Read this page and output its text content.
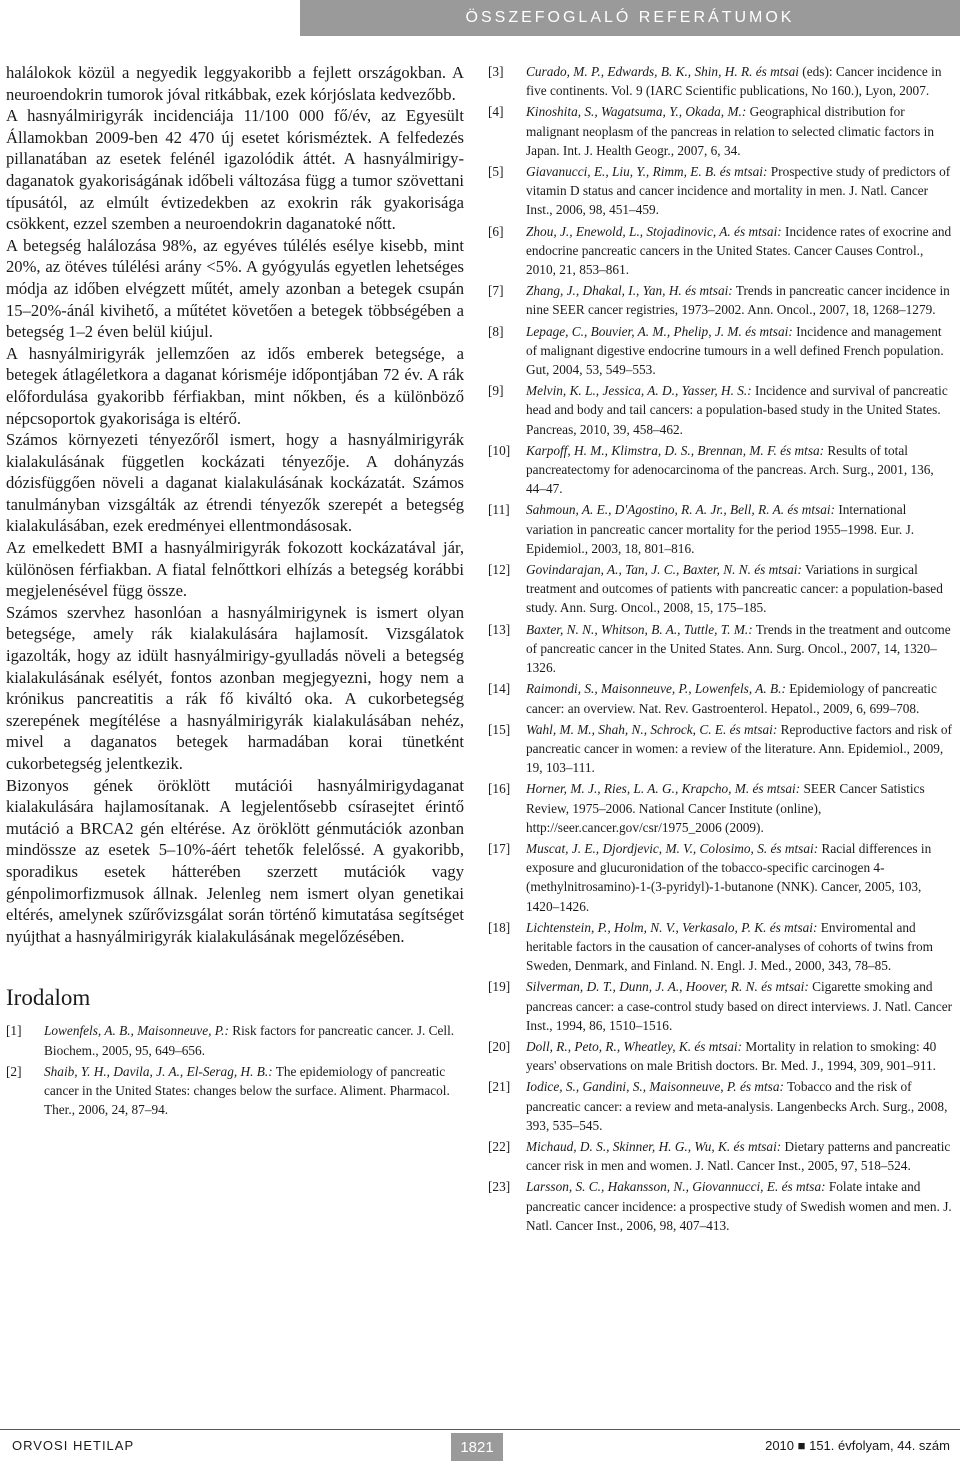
ÖSSZEFOGLALÓ REFERÁTUMOK

halálokok közül a negyedik leggyakoribb a fejlett országokban. A neuroendokrin tumorok jóval ritkábbak, ezek kórjóslata kedvezőbb.

A hasnyálmirigyrák incidenciája 11/100 000 fő/év, az Egyesült Államokban 2009-ben 42 470 új esetet kórisméztek. A felfedezés pillanatában az esetek felénél igazolódik áttét. A hasnyálmirigy-daganatok gyakoriságának időbeli változása függ a tumor szövettani típusától, az elmúlt évtizedekben az exokrin rák gyakorisága csökkent, ezzel szemben a neuroendokrin daganatoké nőtt.

A betegség halálozása 98%, az egyéves túlélés esélye kisebb, mint 20%, az ötéves túlélési arány <5%. A gyógyulás egyetlen lehetséges módja az időben elvégzett műtét, amely azonban a betegek csupán 15–20%-ánál kivihető, a műtétet követően a betegek többségében a betegség 1–2 éven belül kiújul.

A hasnyálmirigyrák jellemzően az idős emberek betegsége, a betegek átlagéletkora a daganat kórisméje időpontjában 72 év. A rák előfordulása gyakoribb férfiakban, mint nőkben, és a különböző népcsoportok gyakorisága is eltérő.

Számos környezeti tényezőről ismert, hogy a hasnyálmirigyrák kialakulásának független kockázati tényezője. A dohányzás dózisfüggően növeli a daganat kialakulásának kockázatát. Számos tanulmányban vizsgálták az étrendi tényezők szerepét a betegség kialakulásában, ezek eredményei ellentmondásosak.

Az emelkedett BMI a hasnyálmirigyrák fokozott kockázatával jár, különösen férfiakban. A fiatal felnőttkori elhízás a betegség korábbi megjelenésével függ össze.

Számos szervhez hasonlóan a hasnyálmirigynek is ismert olyan betegsége, amely rák kialakulására hajlamosít. Vizsgálatok igazolták, hogy az idült hasnyálmirigy-gyulladás növeli a betegség kialakulásának esélyét, fontos azonban megjegyezni, hogy nem a krónikus pancreatitis a rák fő kiváltó oka. A cukorbetegség szerepének megítélése a hasnyálmirigyrák kialakulásában nehéz, mivel a daganatos betegek harmadában korai tünetként cukorbetegség jelentkezik.

Bizonyos gének öröklött mutációi hasnyálmirigydaganat kialakulására hajlamosítanak. A legjelentősebb csírasejtet érintő mutáció a BRCA2 gén eltérése. Az öröklött génmutációk azonban mindössze az esetek 5–10%-áért tehetők felelőssé. A gyakoribb, sporadikus esetek hátterében szerzett mutációk vagy génpolimorfizmusok állnak. Jelenleg nem ismert olyan genetikai eltérés, amelynek szűrővizsgálat során történő kimutatása segítséget nyújthat a hasnyálmirigyrák kialakulásának megelőzésében.

Irodalom
[1]	Lowenfels, A. B., Maisonneuve, P.: Risk factors for pancreatic cancer. J. Cell. Biochem., 2005, 95, 649–656.
[2]	Shaib, Y. H., Davila, J. A., El-Serag, H. B.: The epidemiology of pancreatic cancer in the United States: changes below the surface. Aliment. Pharmacol. Ther., 2006, 24, 87–94.
[3]	Curado, M. P., Edwards, B. K., Shin, H. R. és mtsai (eds): Cancer incidence in five continents. Vol. 9 (IARC Scientific publications, No 160.), Lyon, 2007.
[4]	Kinoshita, S., Wagatsuma, Y., Okada, M.: Geographical distribution for malignant neoplasm of the pancreas in relation to selected climatic factors in Japan. Int. J. Health Geogr., 2007, 6, 34.
[5]	Giavanucci, E., Liu, Y., Rimm, E. B. és mtsai: Prospective study of predictors of vitamin D status and cancer incidence and mortality in men. J. Natl. Cancer Inst., 2006, 98, 451–459.
[6]	Zhou, J., Enewold, L., Stojadinovic, A. és mtsai: Incidence rates of exocrine and endocrine pancreatic cancers in the United States. Cancer Causes Control., 2010, 21, 853–861.
[7]	Zhang, J., Dhakal, I., Yan, H. és mtsai: Trends in pancreatic cancer incidence in nine SEER cancer registries, 1973–2002. Ann. Oncol., 2007, 18, 1268–1279.
[8]	Lepage, C., Bouvier, A. M., Phelip, J. M. és mtsai: Incidence and management of malignant digestive endocrine tumours in a well defined French population. Gut, 2004, 53, 549–553.
[9]	Melvin, K. L., Jessica, A. D., Yasser, H. S.: Incidence and survival of pancreatic head and body and tail cancers: a population-based study in the United States. Pancreas, 2010, 39, 458–462.
[10]	Karpoff, H. M., Klimstra, D. S., Brennan, M. F. és mtsa: Results of total pancreatectomy for adenocarcinoma of the pancreas. Arch. Surg., 2001, 136, 44–47.
[11]	Sahmoun, A. E., D'Agostino, R. A. Jr., Bell, R. A. és mtsai: International variation in pancreatic cancer mortality for the period 1955–1998. Eur. J. Epidemiol., 2003, 18, 801–816.
[12]	Govindarajan, A., Tan, J. C., Baxter, N. N. és mtsai: Variations in surgical treatment and outcomes of patients with pancreatic cancer: a population-based study. Ann. Surg. Oncol., 2008, 15, 175–185.
[13]	Baxter, N. N., Whitson, B. A., Tuttle, T. M.: Trends in the treatment and outcome of pancreatic cancer in the United States. Ann. Surg. Oncol., 2007, 14, 1320–1326.
[14]	Raimondi, S., Maisonneuve, P., Lowenfels, A. B.: Epidemiology of pancreatic cancer: an overview. Nat. Rev. Gastroenterol. Hepatol., 2009, 6, 699–708.
[15]	Wahl, M. M., Shah, N., Schrock, C. E. és mtsai: Reproductive factors and risk of pancreatic cancer in women: a review of the literature. Ann. Epidemiol., 2009, 19, 103–111.
[16]	Horner, M. J., Ries, L. A. G., Krapcho, M. és mtsai: SEER Cancer Satistics Review, 1975–2006. National Cancer Institute (online), http://seer.cancer.gov/csr/1975_2006 (2009).
[17]	Muscat, J. E., Djordjevic, M. V., Colosimo, S. és mtsai: Racial differences in exposure and glucuronidation of the tobacco-specific carcinogen 4-(methylnitrosamino)-1-(3-pyridyl)-1-butanone (NNK). Cancer, 2005, 103, 1420–1426.
[18]	Lichtenstein, P., Holm, N. V., Verkasalo, P. K. és mtsai: Enviromental and heritable factors in the causation of cancer-analyses of cohorts of twins from Sweden, Denmark, and Finland. N. Engl. J. Med., 2000, 343, 78–85.
[19]	Silverman, D. T., Dunn, J. A., Hoover, R. N. és mtsai: Cigarette smoking and pancreas cancer: a case-control study based on direct interviews. J. Natl. Cancer Inst., 1994, 86, 1510–1516.
[20]	Doll, R., Peto, R., Wheatley, K. és mtsai: Mortality in relation to smoking: 40 years' observations on male British doctors. Br. Med. J., 1994, 309, 901–911.
[21]	Iodice, S., Gandini, S., Maisonneuve, P. és mtsa: Tobacco and the risk of pancreatic cancer: a review and meta-analysis. Langenbecks Arch. Surg., 2008, 393, 535–545.
[22]	Michaud, D. S., Skinner, H. G., Wu, K. és mtsai: Dietary patterns and pancreatic cancer risk in men and women. J. Natl. Cancer Inst., 2005, 97, 518–524.
[23]	Larsson, S. C., Hakansson, N., Giovannucci, E. és mtsa: Folate intake and pancreatic cancer incidence: a prospective study of Swedish women and men. J. Natl. Cancer Inst., 2006, 98, 407–413.
ORVOSI HETILAP	1821	2010 ■ 151. évfolyam, 44. szám
